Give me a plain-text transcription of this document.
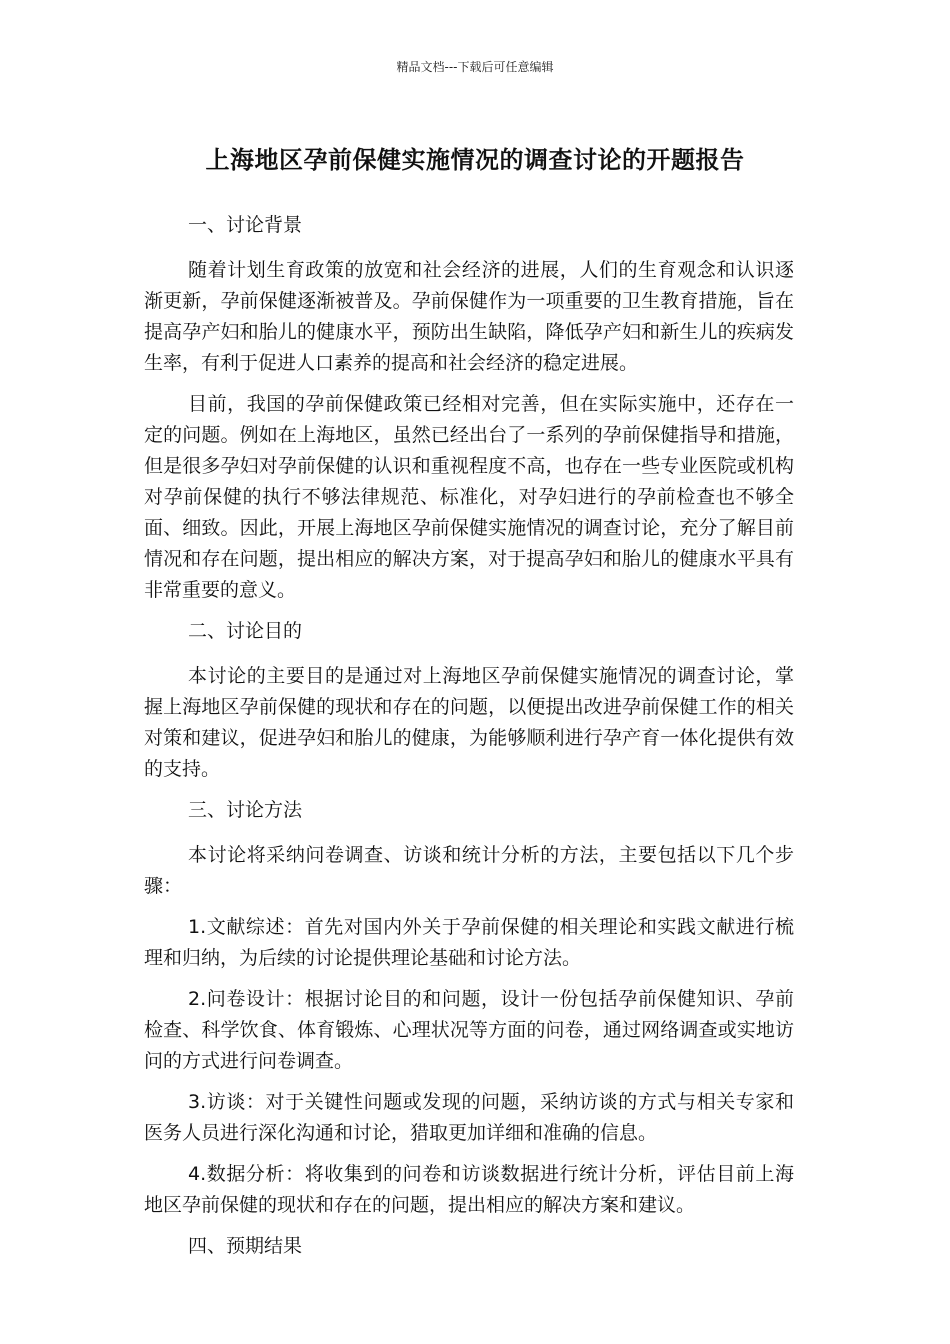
精品文档---下载后可任意编辑
上海地区孕前保健实施情况的调查讨论的开题报告

一、讨论背景

随着计划生育政策的放宽和社会经济的进展，人们的生育观念和认识逐渐更新，孕前保健逐渐被普及。孕前保健作为一项重要的卫生教育措施，旨在提高孕产妇和胎儿的健康水平，预防出生缺陷，降低孕产妇和新生儿的疾病发生率，有利于促进人口素养的提高和社会经济的稳定进展。

目前，我国的孕前保健政策已经相对完善，但在实际实施中，还存在一定的问题。例如在上海地区，虽然已经出台了一系列的孕前保健指导和措施，但是很多孕妇对孕前保健的认识和重视程度不高，也存在一些专业医院或机构对孕前保健的执行不够法律规范、标准化，对孕妇进行的孕前检查也不够全面、细致。因此，开展上海地区孕前保健实施情况的调查讨论，充分了解目前情况和存在问题，提出相应的解决方案，对于提高孕妇和胎儿的健康水平具有非常重要的意义。

二、讨论目的

本讨论的主要目的是通过对上海地区孕前保健实施情况的调查讨论，掌握上海地区孕前保健的现状和存在的问题，以便提出改进孕前保健工作的相关对策和建议，促进孕妇和胎儿的健康，为能够顺利进行孕产育一体化提供有效的支持。

三、讨论方法

本讨论将采纳问卷调查、访谈和统计分析的方法，主要包括以下几个步骤：

1.文献综述：首先对国内外关于孕前保健的相关理论和实践文献进行梳理和归纳，为后续的讨论提供理论基础和讨论方法。

2.问卷设计：根据讨论目的和问题，设计一份包括孕前保健知识、孕前检查、科学饮食、体育锻炼、心理状况等方面的问卷，通过网络调查或实地访问的方式进行问卷调查。

3.访谈：对于关键性问题或发现的问题，采纳访谈的方式与相关专家和医务人员进行深化沟通和讨论，猎取更加详细和准确的信息。

4.数据分析：将收集到的问卷和访谈数据进行统计分析，评估目前上海地区孕前保健的现状和存在的问题，提出相应的解决方案和建议。

四、预期结果
